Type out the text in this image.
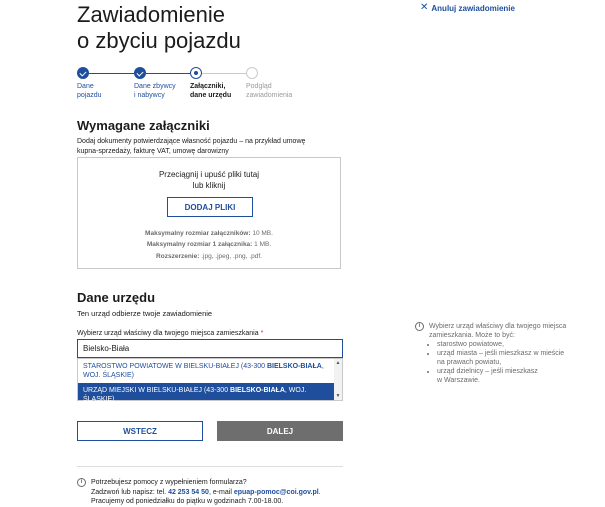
Zawiadomienie
o zbyciu pojazdu
✕ Anuluj zawiadomienie
Dane
pojazdu
Dane zbywcy
i nabywcy
Załączniki,
dane urzędu
Podgląd
zawiadomienia
Wymagane załączniki
Dodaj dokumenty potwierdzające własność pojazdu – na przykład umowę
kupna-sprzedaży, fakturę VAT, umowę darowizny
Przeciągnij i upuść pliki tutaj
lub kliknij
DODAJ PLIKI
Maksymalny rozmiar załączników: 10 MB.
Maksymalny rozmiar 1 załącznika: 1 MB.
Rozszerzenie: .jpg, .jpeg, .png, .pdf.
Dane urzędu
Ten urząd odbierze twoje zawiadomienie
Wybierz urząd właściwy dla twojego miejsca zamieszkania *
Bielsko-Biała
STAROSTWO POWIATOWE W BIELSKU-BIAŁEJ (43-300 BIELSKO-BIAŁA, WOJ. ŚLĄSKIE)
URZĄD MIEJSKI W BIELSKU-BIAŁEJ (43-300 BIELSKO-BIAŁA, WOJ. ŚLĄSKIE)
▲
▼
i	Wybierz urząd właściwy dla twojego miejsca
zamieszkania. Może to być:
• starostwo powiatowe,
• urząd miasta – jeśli mieszkasz w mieście
na prawach powiatu,
• urząd dzielnicy – jeśli mieszkasz
w Warszawie.
WSTECZ	DALEJ
i	Potrzebujesz pomocy z wypełnieniem formularza?
Zadzwoń lub napisz: tel. 42 253 54 50, e-mail epuap-pomoc@coi.gov.pl.
Pracujemy od poniedziałku do piątku w godzinach 7.00-18.00.
